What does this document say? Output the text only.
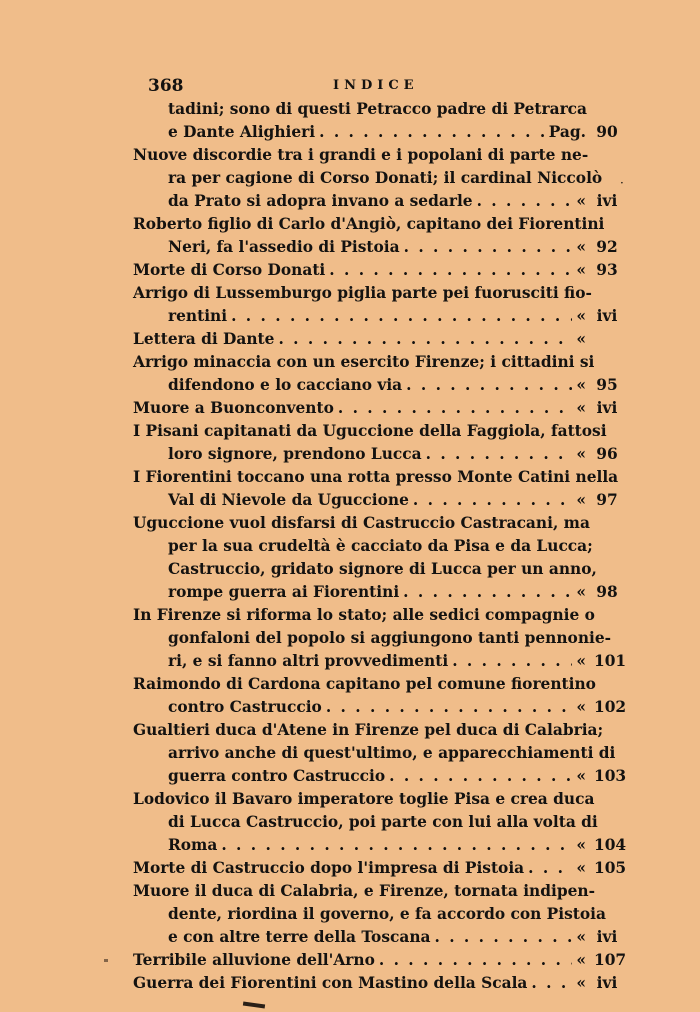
368	INDICE
tadini; sono di questi Petracco padre di Petrarca
e Dante Alighieri . . .	Pag. 90
Nuove discordie tra i grandi e i popolani di parte ne-
ra per cagione di Corso Donati; il cardinal Niccolò ·
da Prato si adopra invano a sedarle . . .	« ivi
Roberto figlio di Carlo d'Angiò, capitano dei Fiorentini
Neri, fa l'assedio di Pistoia . . .	« 92
Morte di Corso Donati . . .	« 93
Arrigo di Lussemburgo piglia parte pei fuorusciti fio-
rentini . . .	« ivi
Lettera di Dante . . .	«
Arrigo minaccia con un esercito Firenze; i cittadini si
difendono e lo cacciano via . . .	« 95
Muore a Buonconvento . . .	« ivi
I Pisani capitanati da Uguccione della Faggiola, fattosi
loro signore, prendono Lucca . . .	« 96
I Fiorentini toccano una rotta presso Monte Catini nella
Val di Nievole da Uguccione . . .	« 97
Uguccione vuol disfarsi di Castruccio Castracani, ma
per la sua crudeltà è cacciato da Pisa e da Lucca;
Castruccio, gridato signore di Lucca per un anno,
rompe guerra ai Fiorentini . . .	« 98
In Firenze si riforma lo stato; alle sedici compagnie o
gonfaloni del popolo si aggiungono tanti pennonie-
ri, e si fanno altri provvedimenti . . .	« 101
Raimondo di Cardona capitano pel comune fiorentino
contro Castruccio . . .	« 102
Gualtieri duca d'Atene in Firenze pel duca di Calabria;
arrivo anche di quest'ultimo, e apparecchiamenti di
guerra contro Castruccio . . .	« 103
Lodovico il Bavaro imperatore toglie Pisa e crea duca
di Lucca Castruccio, poi parte con lui alla volta di
Roma . . .	« 104
Morte di Castruccio dopo l'impresa di Pistoia . . .	« 105
Muore il duca di Calabria, e Firenze, tornata indipen-
dente, riordina il governo, e fa accordo con Pistoia
e con altre terre della Toscana . . .	« ivi
Terribile alluvione dell'Arno . . .	« 107
Guerra dei Fiorentini con Mastino della Scala . . .	« ivi
